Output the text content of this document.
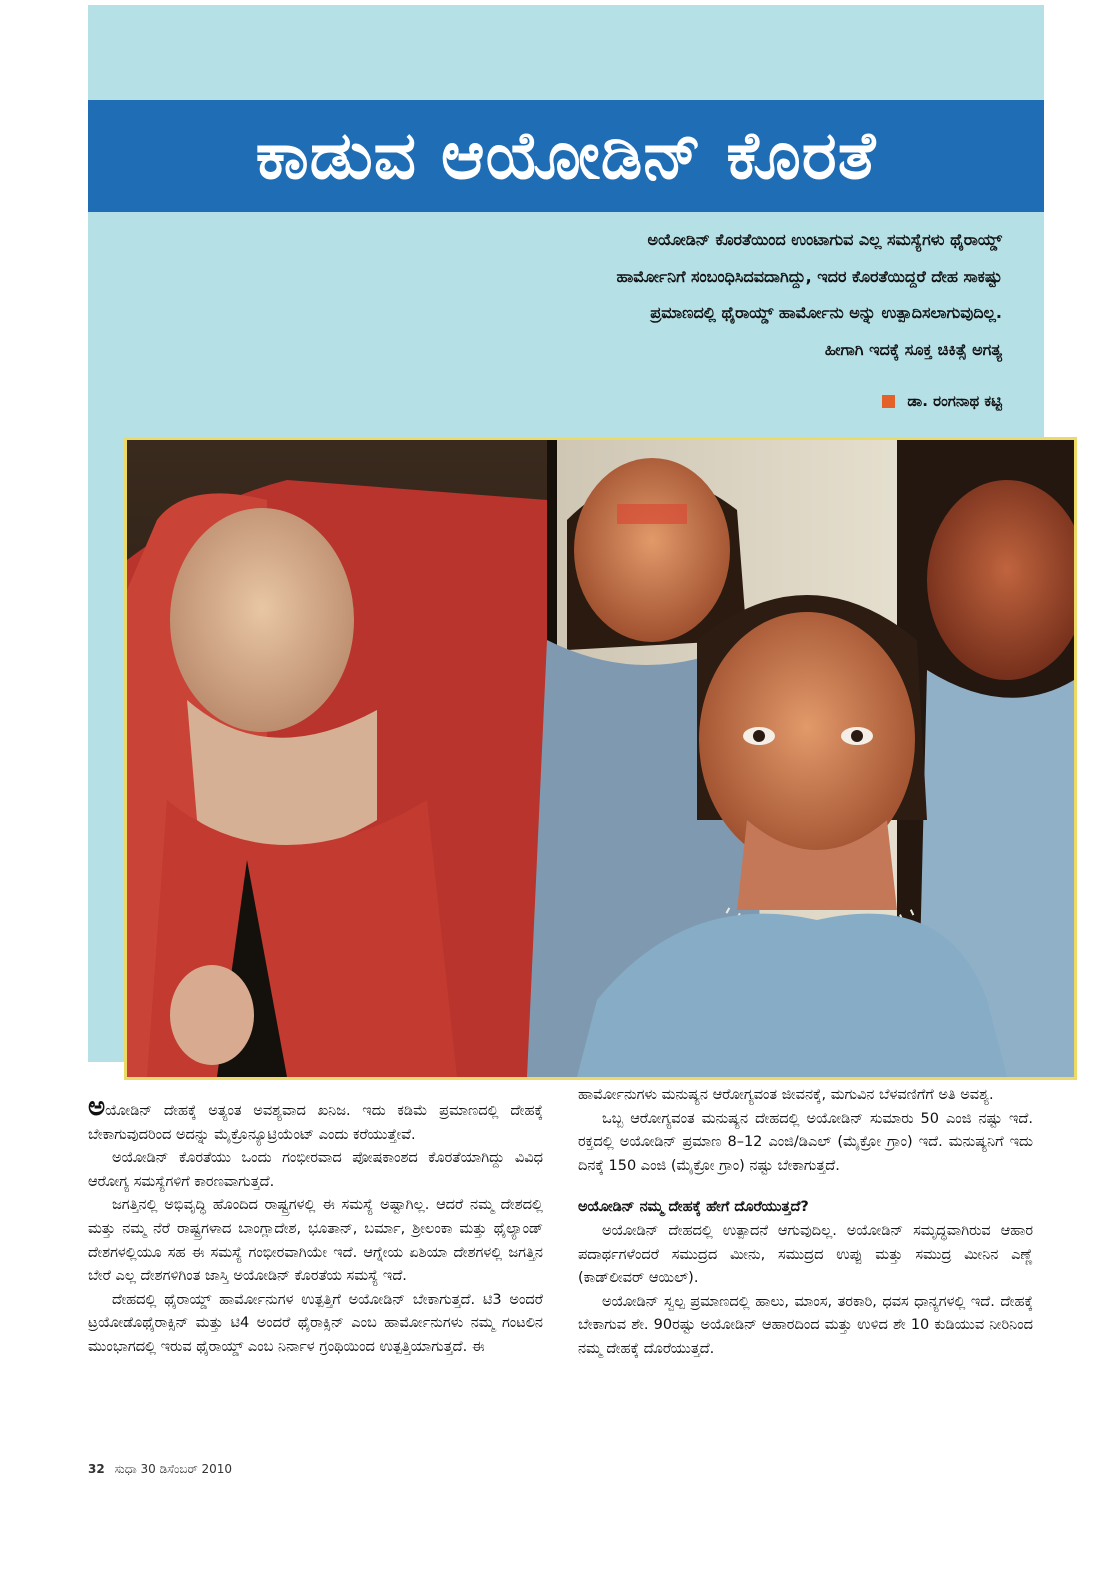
ಕಾಡುವ ಆಯೋಡಿನ್ ಕೊರತೆ

ಅಯೋಡಿನ್ ಕೊರತೆಯಿಂದ ಉಂಟಾಗುವ ಎಲ್ಲ ಸಮಸ್ಯೆಗಳು ಥೈರಾಯ್ಡ್

ಹಾರ್ಮೋನಿಗೆ ಸಂಬಂಧಿಸಿದವದಾಗಿದ್ದು, ಇದರ ಕೊರತೆಯಿದ್ದರೆ ದೇಹ ಸಾಕಷ್ಟು

ಪ್ರಮಾಣದಲ್ಲಿ ಥೈರಾಯ್ಡ್ ಹಾರ್ಮೋನು ಅನ್ನು ಉತ್ಪಾದಿಸಲಾಗುವುದಿಲ್ಲ.

ಹೀಗಾಗಿ ಇದಕ್ಕೆ ಸೂಕ್ತ ಚಿಕಿತ್ಸೆ ಅಗತ್ಯ

ಡಾ. ರಂಗನಾಥ ಕಟ್ಟಿ

ಅಯೋಡಿನ್ ದೇಹಕ್ಕೆ ಅತ್ಯಂತ ಅವಶ್ಯವಾದ ಖನಿಜ. ಇದು ಕಡಿಮೆ ಪ್ರಮಾಣದಲ್ಲಿ ದೇಹಕ್ಕೆ ಬೇಕಾಗುವುದರಿಂದ ಅದನ್ನು ಮೈಕ್ರೊನ್ಯೂಟ್ರಿಯೆಂಟ್ ಎಂದು ಕರೆಯುತ್ತೇವೆ.

ಅಯೋಡಿನ್ ಕೊರತೆಯು ಒಂದು ಗಂಭೀರವಾದ ಪೋಷಕಾಂಶದ ಕೊರತೆಯಾಗಿದ್ದು ವಿವಿಧ ಆರೋಗ್ಯ ಸಮಸ್ಯೆಗಳಿಗೆ ಕಾರಣವಾಗುತ್ತದೆ.

ಜಗತ್ತಿನಲ್ಲಿ ಅಭಿವೃದ್ಧಿ ಹೊಂದಿದ ರಾಷ್ಟ್ರಗಳಲ್ಲಿ ಈ ಸಮಸ್ಯೆ ಅಷ್ಟಾಗಿಲ್ಲ. ಆದರೆ ನಮ್ಮ ದೇಶದಲ್ಲಿ ಮತ್ತು ನಮ್ಮ ನೆರೆ ರಾಷ್ಟ್ರಗಳಾದ ಬಾಂಗ್ಲಾದೇಶ, ಭೂತಾನ್, ಬರ್ಮಾ, ಶ್ರೀಲಂಕಾ ಮತ್ತು ಥೈಲ್ಯಾಂಡ್ ದೇಶಗಳಲ್ಲಿಯೂ ಸಹ ಈ ಸಮಸ್ಯೆ ಗಂಭೀರವಾಗಿಯೇ ಇದೆ. ಆಗ್ನೇಯ ಏಶಿಯಾ ದೇಶಗಳಲ್ಲಿ ಜಗತ್ತಿನ ಬೇರೆ ಎಲ್ಲ ದೇಶಗಳಿಗಿಂತ ಜಾಸ್ತಿ ಅಯೋಡಿನ್ ಕೊರತೆಯ ಸಮಸ್ಯೆ ಇದೆ.

ದೇಹದಲ್ಲಿ ಥೈರಾಯ್ಡ್ ಹಾರ್ಮೋನುಗಳ ಉತ್ಪತ್ತಿಗೆ ಅಯೋಡಿನ್ ಬೇಕಾಗುತ್ತದೆ. ಟಿ3 ಅಂದರೆ ಟ್ರಯೋಡೊಥೈರಾಕ್ಸಿನ್ ಮತ್ತು ಟಿ4 ಅಂದರೆ ಥೈರಾಕ್ಸಿನ್ ಎಂಬ ಹಾರ್ಮೋನುಗಳು ನಮ್ಮ ಗಂಟಲಿನ ಮುಂಭಾಗದಲ್ಲಿ ಇರುವ ಥೈರಾಯ್ಡ್ ಎಂಬ ನಿರ್ನಾಳ ಗ್ರಂಥಿಯಿಂದ ಉತ್ಪತ್ತಿಯಾಗುತ್ತದೆ. ಈ

ಹಾರ್ಮೋನುಗಳು ಮನುಷ್ಯನ ಆರೋಗ್ಯವಂತ ಜೀವನಕ್ಕೆ, ಮಗುವಿನ ಬೆಳವಣಿಗೆಗೆ ಅತಿ ಅವಶ್ಯ.

ಒಬ್ಬ ಆರೋಗ್ಯವಂತ ಮನುಷ್ಯನ ದೇಹದಲ್ಲಿ ಅಯೋಡಿನ್ ಸುಮಾರು 50 ಎಂಜಿ ನಷ್ಟು ಇದೆ. ರಕ್ತದಲ್ಲಿ ಅಯೋಡಿನ್ ಪ್ರಮಾಣ 8–12 ಎಂಜಿ/ಡಿಎಲ್ (ಮೈಕ್ರೋ ಗ್ರಾಂ) ಇದೆ. ಮನುಷ್ಯನಿಗೆ ಇದು ದಿನಕ್ಕೆ 150 ಎಂಜಿ (ಮೈಕ್ರೋ ಗ್ರಾಂ) ನಷ್ಟು ಬೇಕಾಗುತ್ತದೆ.

ಅಯೋಡಿನ್ ನಮ್ಮ ದೇಹಕ್ಕೆ ಹೇಗೆ ದೊರೆಯುತ್ತದೆ?

ಅಯೋಡಿನ್ ದೇಹದಲ್ಲಿ ಉತ್ಪಾದನೆ ಆಗುವುದಿಲ್ಲ. ಅಯೋಡಿನ್ ಸಮೃದ್ಧವಾಗಿರುವ ಆಹಾರ ಪದಾರ್ಥಗಳೆಂದರೆ ಸಮುದ್ರದ ಮೀನು, ಸಮುದ್ರದ ಉಪ್ಪು ಮತ್ತು ಸಮುದ್ರ ಮೀನಿನ ಎಣ್ಣೆ (ಕಾಡ್‌ಲೀವರ್ ಆಯಿಲ್).

ಅಯೋಡಿನ್ ಸ್ವಲ್ಪ ಪ್ರಮಾಣದಲ್ಲಿ ಹಾಲು, ಮಾಂಸ, ತರಕಾರಿ, ಧವಸ ಧಾನ್ಯಗಳಲ್ಲಿ ಇದೆ. ದೇಹಕ್ಕೆ ಬೇಕಾಗುವ ಶೇ. 90ರಷ್ಟು ಅಯೋಡಿನ್ ಆಹಾರದಿಂದ ಮತ್ತು ಉಳಿದ ಶೇ 10 ಕುಡಿಯುವ ನೀರಿನಿಂದ ನಮ್ಮ ದೇಹಕ್ಕೆ ದೊರೆಯುತ್ತದೆ.

32 ಸುಧಾ 30 ಡಿಸೆಂಬರ್ 2010
